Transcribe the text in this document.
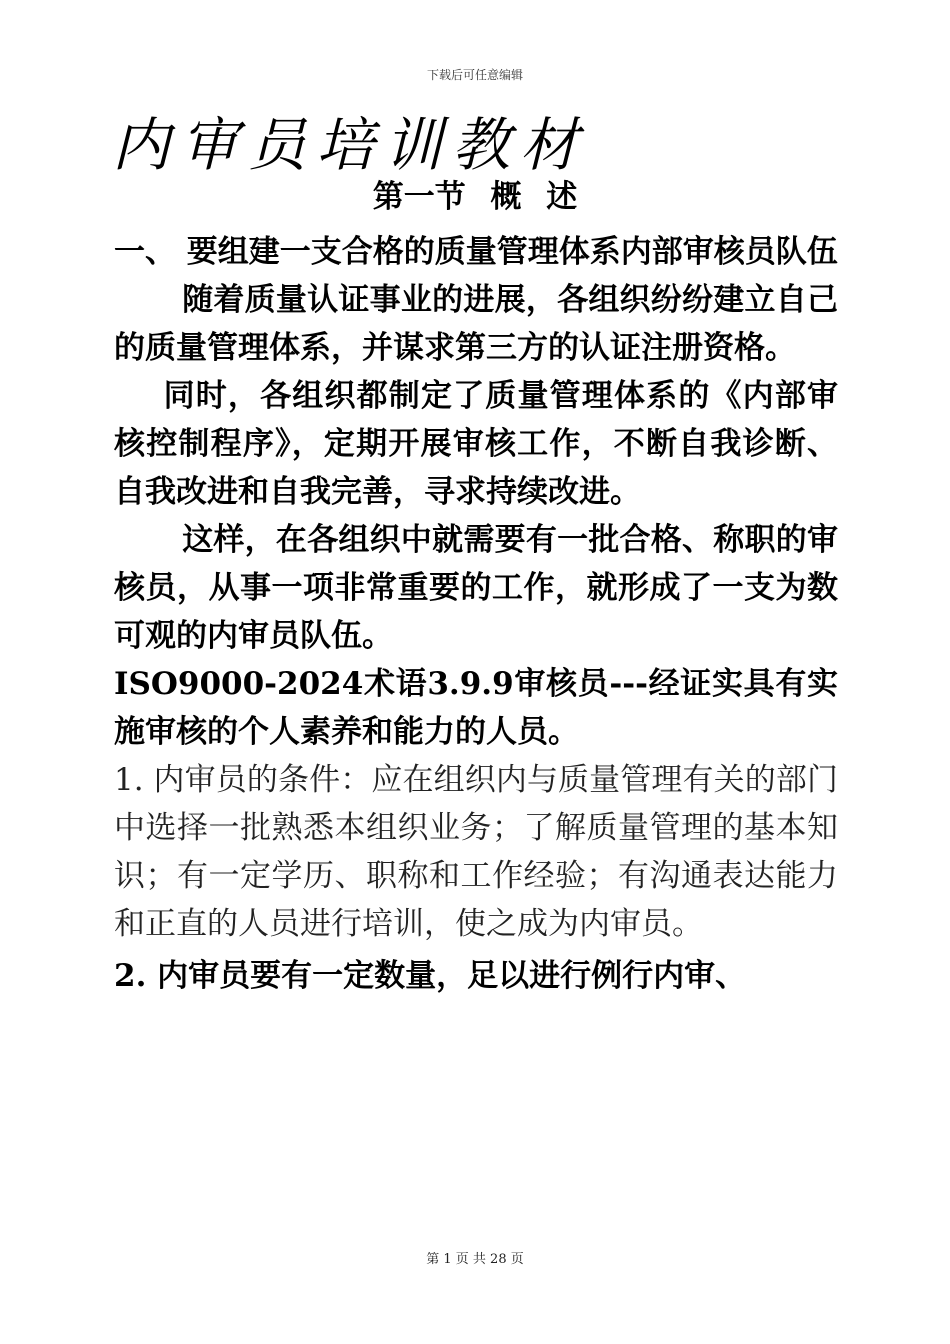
下载后可任意编辑
内审员培训教材
第一节 概 述

一、 要组建一支合格的质量管理体系内部审核员队伍

随着质量认证事业的进展，各组织纷纷建立自己的质量管理体系，并谋求第三方的认证注册资格。

同时，各组织都制定了质量管理体系的《内部审核控制程序》，定期开展审核工作，不断自我诊断、自我改进和自我完善，寻求持续改进。

这样，在各组织中就需要有一批合格、称职的审核员，从事一项非常重要的工作，就形成了一支为数可观的内审员队伍。

ISO9000-2024术语3.9.9审核员---经证实具有实施审核的个人素养和能力的人员。

1. 内审员的条件：应在组织内与质量管理有关的部门中选择一批熟悉本组织业务；了解质量管理的基本知识；有一定学历、职称和工作经验；有沟通表达能力和正直的人员进行培训，使之成为内审员。

2. 内审员要有一定数量，足以进行例行内审、

第 1 页 共 28 页
